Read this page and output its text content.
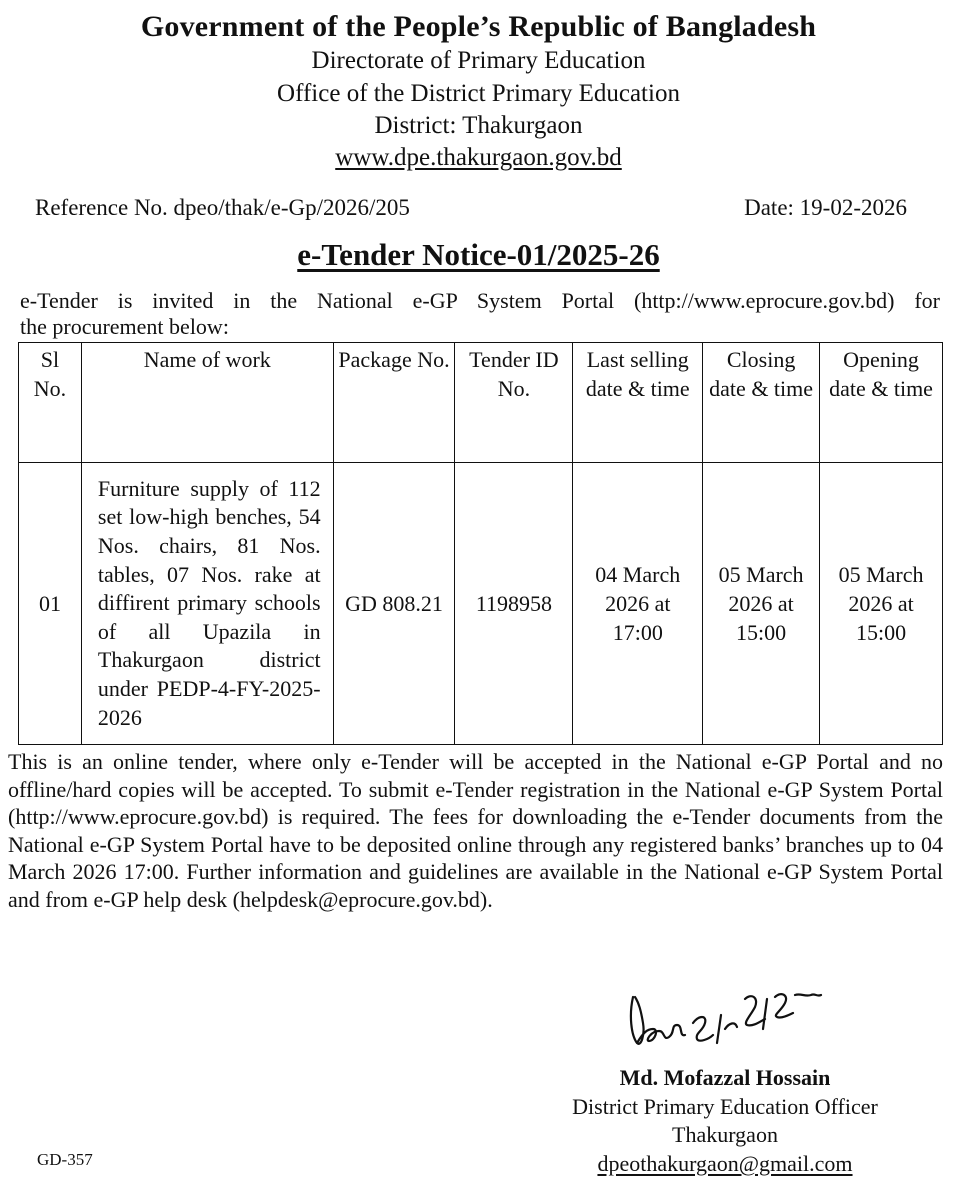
Government of the People’s Republic of Bangladesh
Directorate of Primary Education
Office of the District Primary Education
District: Thakurgaon
www.dpe.thakurgaon.gov.bd
Reference No. dpeo/thak/e-Gp/2026/205	Date: 19-02-2026
e-Tender Notice-01/2025-26
e-Tender is invited in the National e-GP System Portal (http://www.eprocure.gov.bd) for
the procurement below:
Sl No.	Name of work	Package No.	Tender ID No.	Last selling date & time	Closing date & time	Opening date & time
01	Furniture supply of 112 set low-high benches, 54 Nos. chairs, 81 Nos. tables, 07 Nos. rake at diffirent primary schools of all Upazila in Thakurgaon district under PEDP-4-FY-2025-2026	GD 808.21	1198958	04 March 2026 at 17:00	05 March 2026 at 15:00	05 March 2026 at 15:00
This is an online tender, where only e-Tender will be accepted in the National e-GP Portal and no offline/hard copies will be accepted. To submit e-Tender registration in the National e-GP System Portal (http://www.eprocure.gov.bd) is required. The fees for downloading the e-Tender documents from the National e-GP System Portal have to be deposited online through any registered banks’ branches up to 04 March 2026 17:00. Further information and guidelines are available in the National e-GP System Portal and from e-GP help desk (helpdesk@eprocure.gov.bd).
Md. Mofazzal Hossain
District Primary Education Officer
Thakurgaon
dpeothakurgaon@gmail.com
GD-357
